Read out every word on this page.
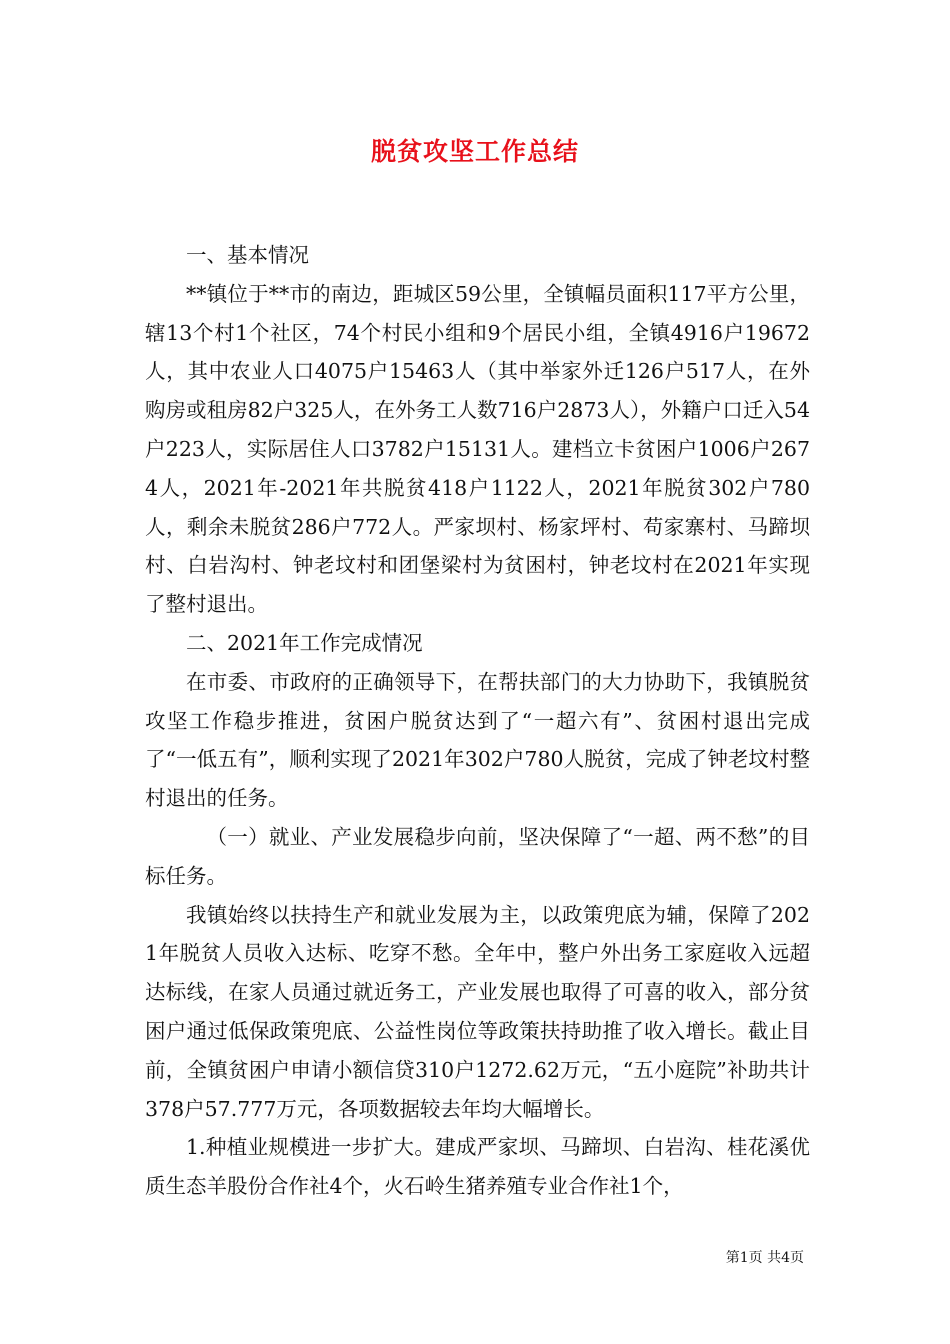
脱贫攻坚工作总结

一、基本情况

**镇位于**市的南边，距城区59公里，全镇幅员面积117平方公里，辖13个村1个社区，74个村民小组和9个居民小组，全镇4916户19672人，其中农业人口4075户15463人（其中举家外迁126户517人，在外购房或租房82户325人，在外务工人数716户2873人），外籍户口迁入54户223人，实际居住人口3782户15131人。建档立卡贫困户1006户2674人，2021年-2021年共脱贫418户1122人，2021年脱贫302户780人，剩余未脱贫286户772人。严家坝村、杨家坪村、苟家寨村、马蹄坝村、白岩沟村、钟老坟村和团堡梁村为贫困村，钟老坟村在2021年实现了整村退出。

二、2021年工作完成情况

在市委、市政府的正确领导下，在帮扶部门的大力协助下，我镇脱贫攻坚工作稳步推进，贫困户脱贫达到了“一超六有”、贫困村退出完成了“一低五有”，顺利实现了2021年302户780人脱贫，完成了钟老坟村整村退出的任务。

（一）就业、产业发展稳步向前，坚决保障了“一超、两不愁”的目标任务。

我镇始终以扶持生产和就业发展为主，以政策兜底为辅，保障了2021年脱贫人员收入达标、吃穿不愁。全年中，整户外出务工家庭收入远超达标线，在家人员通过就近务工，产业发展也取得了可喜的收入，部分贫困户通过低保政策兜底、公益性岗位等政策扶持助推了收入增长。截止目前，全镇贫困户申请小额信贷310户1272.62万元，“五小庭院”补助共计378户57.777万元，各项数据较去年均大幅增长。

1.种植业规模进一步扩大。建成严家坝、马蹄坝、白岩沟、桂花溪优质生态羊股份合作社4个，火石岭生猪养殖专业合作社1个，

第1页 共4页
